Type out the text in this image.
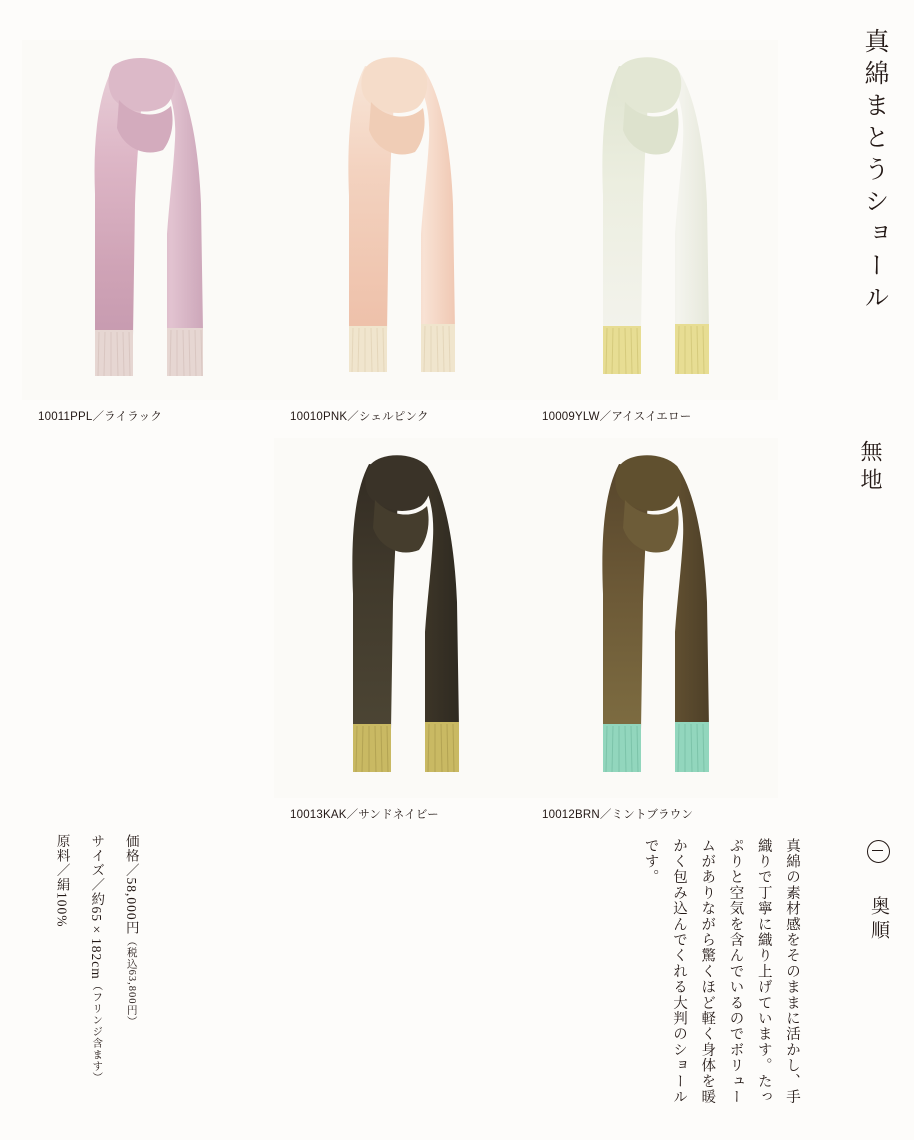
真綿まとうショール
無地
10011PPL／ライラック	10010PNK／シェルピンク	10009YLW／アイスイエロー
10013KAK／サンドネイビー	10012BRN／ミントブラウン
奥順
真綿の素材感をそのままに活かし、手織りで丁寧に織り上げています。たっぷりと空気を含んでいるのでボリュームがありながら驚くほど軽く身体を暖かく包み込んでくれる大判のショールです。
価格／58,000円（税込63,800円）
サイズ／約65×182cm（フリンジ含ます）
原料／絹100%
